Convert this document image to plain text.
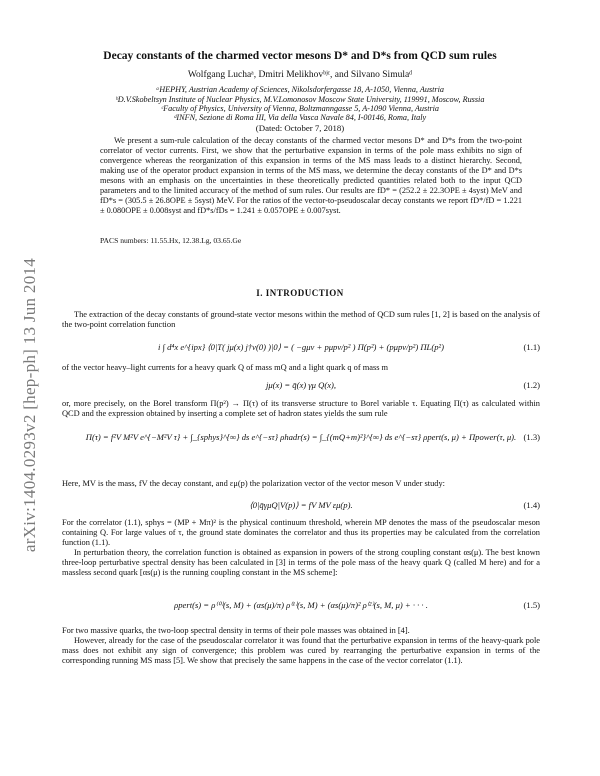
arXiv:1404.0293v2 [hep-ph] 13 Jun 2014
Decay constants of the charmed vector mesons D* and D*s from QCD sum rules
Wolfgang Luchaᵃ, Dmitri Melikhovᵇʲᶜ, and Silvano Simulaᵈ
ᵃHEPHY, Austrian Academy of Sciences, Nikolsdorfergasse 18, A-1050, Vienna, Austria
ᵇD.V.Skobeltsyn Institute of Nuclear Physics, M.V.Lomonosov Moscow State University, 119991, Moscow, Russia
ᶜFaculty of Physics, University of Vienna, Boltzmanngasse 5, A-1090 Vienna, Austria
ᵈINFN, Sezione di Roma III, Via della Vasca Navale 84, I-00146, Roma, Italy
(Dated: October 7, 2018)
We present a sum-rule calculation of the decay constants of the charmed vector mesons D* and D*s from the two-point correlator of vector currents. First, we show that the perturbative expansion in terms of the pole mass exhibits no sign of convergence whereas the reorganization of this expansion in terms of the MS mass leads to a distinct hierarchy. Second, making use of the operator product expansion in terms of the MS mass, we determine the decay constants of the D* and D*s mesons with an emphasis on the uncertainties in these theoretically predicted quantities related both to the input QCD parameters and to the limited accuracy of the method of sum rules. Our results are fD* = (252.2 ± 22.3OPE ± 4syst) MeV and fD*s = (305.5 ± 26.8OPE ± 5syst) MeV. For the ratios of the vector-to-pseudoscalar decay constants we report fD*/fD = 1.221 ± 0.080OPE ± 0.008syst and fD*s/fDs = 1.241 ± 0.057OPE ± 0.007syst.
PACS numbers: 11.55.Hx, 12.38.Lg, 03.65.Ge
I. INTRODUCTION
The extraction of the decay constants of ground-state vector mesons within the method of QCD sum rules [1, 2] is based on the analysis of the two-point correlation function
i ∫ d⁴x e^{ipx} ⟨0|T( jμ(x) j†ν(0) )|0⟩ = ( −gμν + pμpν/p² ) Π(p²) + (pμpν/p²) ΠL(p²)	(1.1)
of the vector heavy–light currents for a heavy quark Q of mass mQ and a light quark q of mass m
jμ(x) = q̄(x) γμ Q(x),	(1.2)
or, more precisely, on the Borel transform Π(p²) → Π(τ) of its transverse structure to Borel variable τ. Equating Π(τ) as calculated within QCD and the expression obtained by inserting a complete set of hadron states yields the sum rule
Π(τ) = f²V M²V e^{−M²V τ} + ∫_{sphys}^{∞} ds e^{−sτ} ρhadr(s) = ∫_{(mQ+m)²}^{∞} ds e^{−sτ} ρpert(s, μ) + Πpower(τ, μ). (1.3)
Here, MV is the mass, fV the decay constant, and εμ(p) the polarization vector of the vector meson V under study:
⟨0|q̄γμQ|V(p)⟩ = fV MV εμ(p).	(1.4)
For the correlator (1.1), sphys = (MP + Mπ)² is the physical continuum threshold, wherein MP denotes the mass of the pseudoscalar meson containing Q. For large values of τ, the ground state dominates the correlator and thus its properties may be calculated from the correlation function (1.1).
In perturbation theory, the correlation function is obtained as expansion in powers of the strong coupling constant αs(μ). The best known three-loop perturbative spectral density has been calculated in [3] in terms of the pole mass of the heavy quark Q (called M here) and for a massless second quark [αs(μ) is the running coupling constant in the MS scheme]:
ρpert(s) = ρ⁽⁰⁾(s, M) + (αs(μ)/π) ρ⁽¹⁾(s, M) + (αs(μ)/π)² ρ⁽²⁾(s, M, μ) + · · · .	(1.5)
For two massive quarks, the two-loop spectral density in terms of their pole masses was obtained in [4].
However, already for the case of the pseudoscalar correlator it was found that the perturbative expansion in terms of the heavy-quark pole mass does not exhibit any sign of convergence; this problem was cured by rearranging the perturbative expansion in terms of the corresponding running MS mass [5]. We show that precisely the same happens in the case of the vector correlator (1.1).
